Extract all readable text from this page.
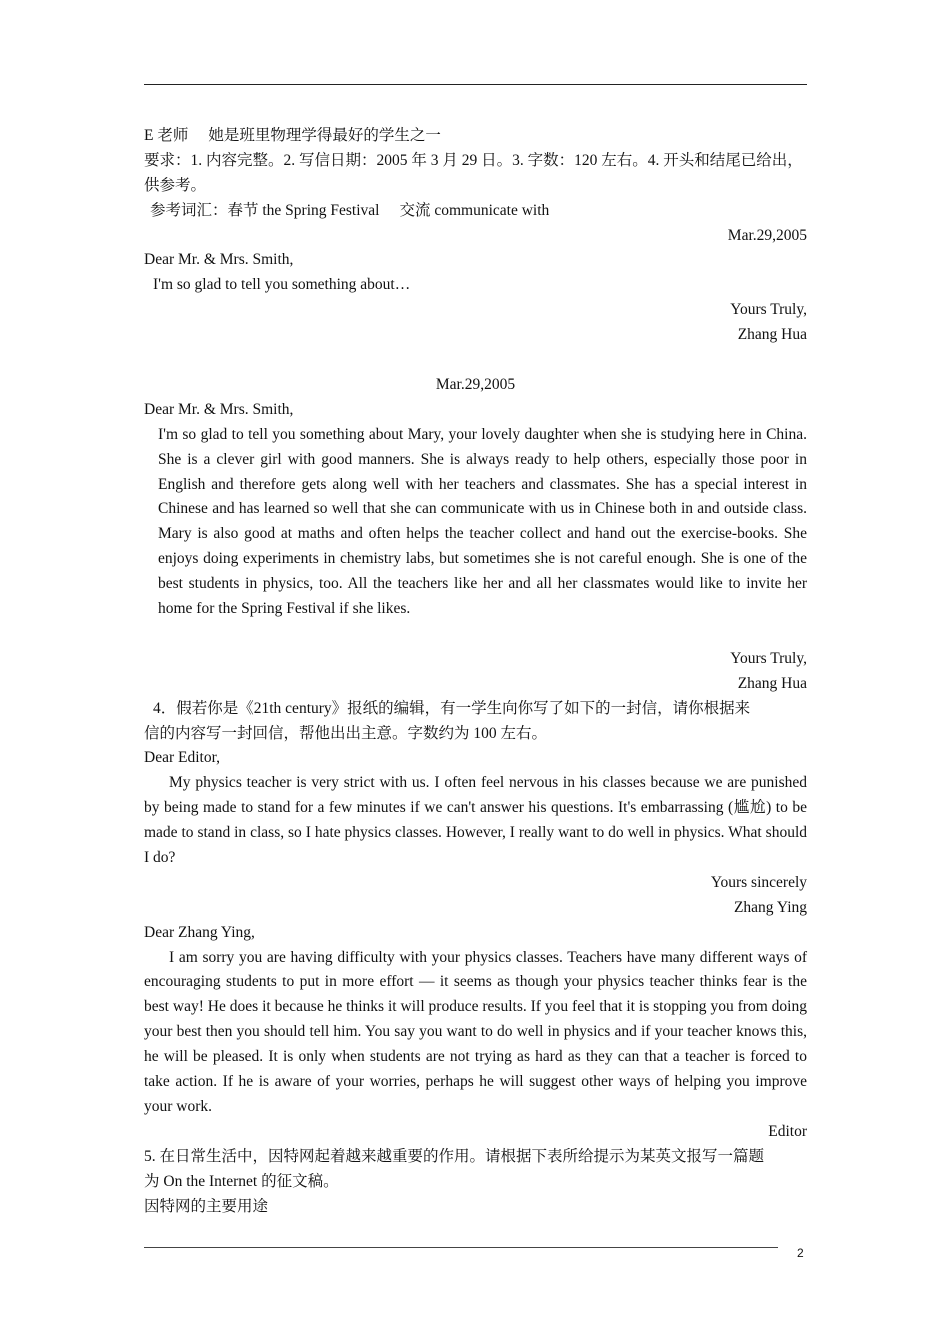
E 老师 她是班里物理学得最好的学生之一
要求：1. 内容完整。2. 写信日期：2005 年 3 月 29 日。3. 字数：120 左右。4. 开头和结尾已给出，
供参考。
参考词汇：春节 the Spring Festival 交流 communicate with
Mar.29,2005
Dear Mr. & Mrs. Smith,
I'm so glad to tell you something about…
Yours Truly,
Zhang Hua
Mar.29,2005
Dear Mr. & Mrs. Smith,
I'm so glad to tell you something about Mary, your lovely daughter when she is studying here in China. She is a clever girl with good manners. She is always ready to help others, especially those poor in English and therefore gets along well with her teachers and classmates. She has a special interest in Chinese and has learned so well that she can communicate with us in Chinese both in and outside class. Mary is also good at maths and often helps the teacher collect and hand out the exercise-books. She enjoys doing experiments in chemistry labs, but sometimes she is not careful enough. She is one of the best students in physics, too. All the teachers like her and all her classmates would like to invite her home for the Spring Festival if she likes.
Yours Truly,
Zhang Hua
4．假若你是《21th century》报纸的编辑，有一学生向你写了如下的一封信，请你根据来
信的内容写一封回信，帮他出出主意。字数约为 100 左右。
Dear Editor,
My physics teacher is very strict with us. I often feel nervous in his classes because we are punished by being made to stand for a few minutes if we can't answer his questions. It's embarrassing (尴尬) to be made to stand in class, so I hate physics classes. However, I really want to do well in physics. What should I do?
Yours sincerely
Zhang Ying
Dear Zhang Ying,
I am sorry you are having difficulty with your physics classes. Teachers have many different ways of encouraging students to put in more effort — it seems as though your physics teacher thinks fear is the best way! He does it because he thinks it will produce results. If you feel that it is stopping you from doing your best then you should tell him. You say you want to do well in physics and if your teacher knows this, he will be pleased. It is only when students are not trying as hard as they can that a teacher is forced to take action. If he is aware of your worries, perhaps he will suggest other ways of helping you improve your work.
Editor
5. 在日常生活中，因特网起着越来越重要的作用。请根据下表所给提示为某英文报写一篇题
为 On the Internet 的征文稿。
因特网的主要用途
2
